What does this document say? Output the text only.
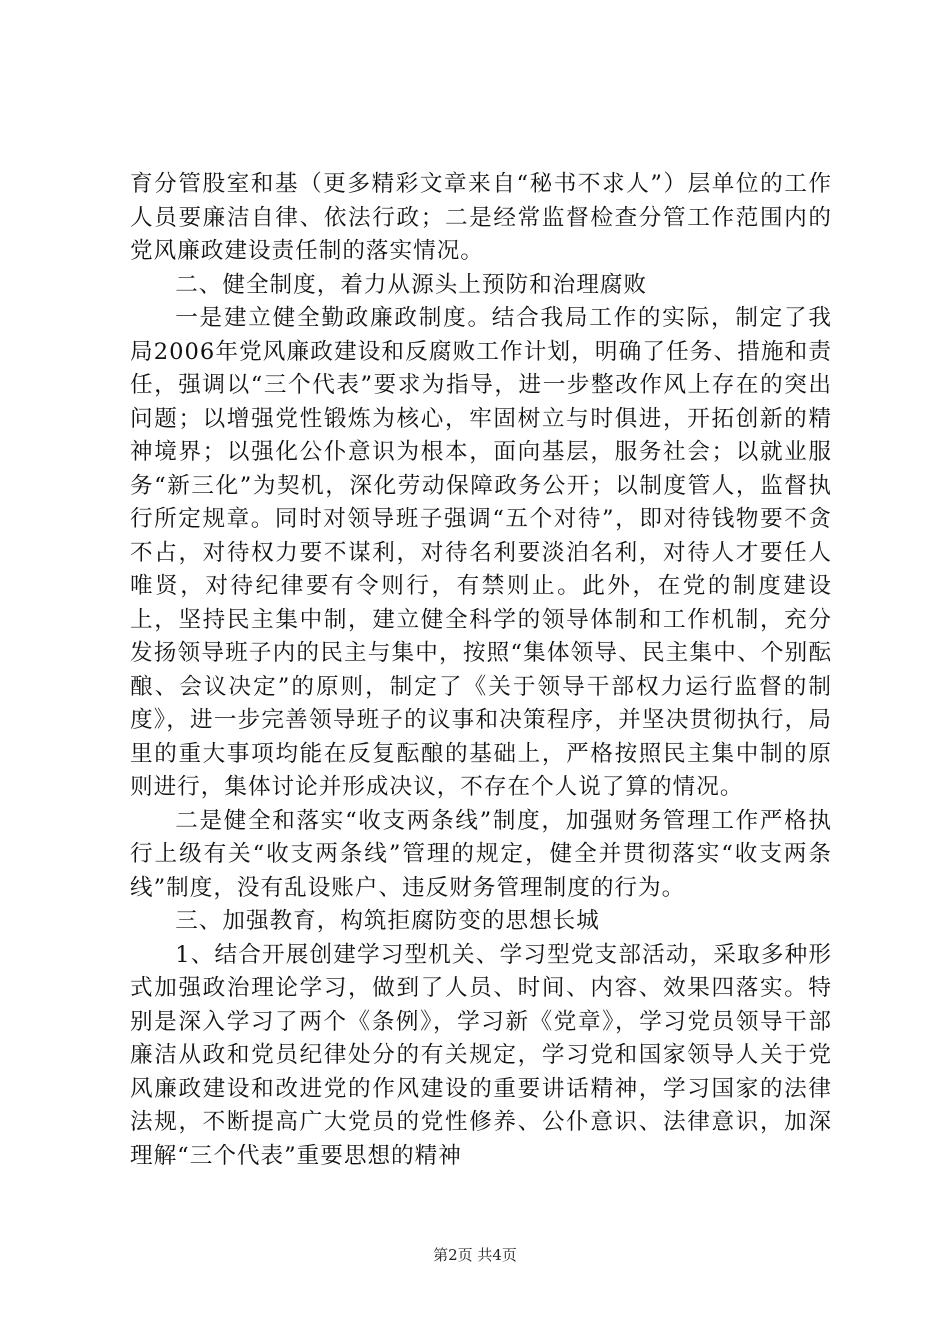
育分管股室和基（更多精彩文章来自“秘书不求人”）层单位的工作人员要廉洁自律、依法行政；二是经常监督检查分管工作范围内的党风廉政建设责任制的落实情况。

二、健全制度，着力从源头上预防和治理腐败

一是建立健全勤政廉政制度。结合我局工作的实际，制定了我局2006年党风廉政建设和反腐败工作计划，明确了任务、措施和责任，强调以“三个代表”要求为指导，进一步整改作风上存在的突出问题；以增强党性锻炼为核心，牢固树立与时俱进，开拓创新的精神境界；以强化公仆意识为根本，面向基层，服务社会；以就业服务“新三化”为契机，深化劳动保障政务公开；以制度管人，监督执行所定规章。同时对领导班子强调“五个对待”，即对待钱物要不贪不占，对待权力要不谋利，对待名利要淡泊名利，对待人才要任人唯贤，对待纪律要有令则行，有禁则止。此外，在党的制度建设上，坚持民主集中制，建立健全科学的领导体制和工作机制，充分发扬领导班子内的民主与集中，按照“集体领导、民主集中、个别酝酿、会议决定”的原则，制定了《关于领导干部权力运行监督的制度》，进一步完善领导班子的议事和决策程序，并坚决贯彻执行，局里的重大事项均能在反复酝酿的基础上，严格按照民主集中制的原则进行，集体讨论并形成决议，不存在个人说了算的情况。

二是健全和落实“收支两条线”制度，加强财务管理工作严格执行上级有关“收支两条线”管理的规定，健全并贯彻落实“收支两条线”制度，没有乱设账户、违反财务管理制度的行为。

三、加强教育，构筑拒腐防变的思想长城

1、结合开展创建学习型机关、学习型党支部活动，采取多种形式加强政治理论学习，做到了人员、时间、内容、效果四落实。特别是深入学习了两个《条例》，学习新《党章》，学习党员领导干部廉洁从政和党员纪律处分的有关规定，学习党和国家领导人关于党风廉政建设和改进党的作风建设的重要讲话精神，学习国家的法律法规，不断提高广大党员的党性修养、公仆意识、法律意识，加深理解“三个代表”重要思想的精神

第2页 共4页
